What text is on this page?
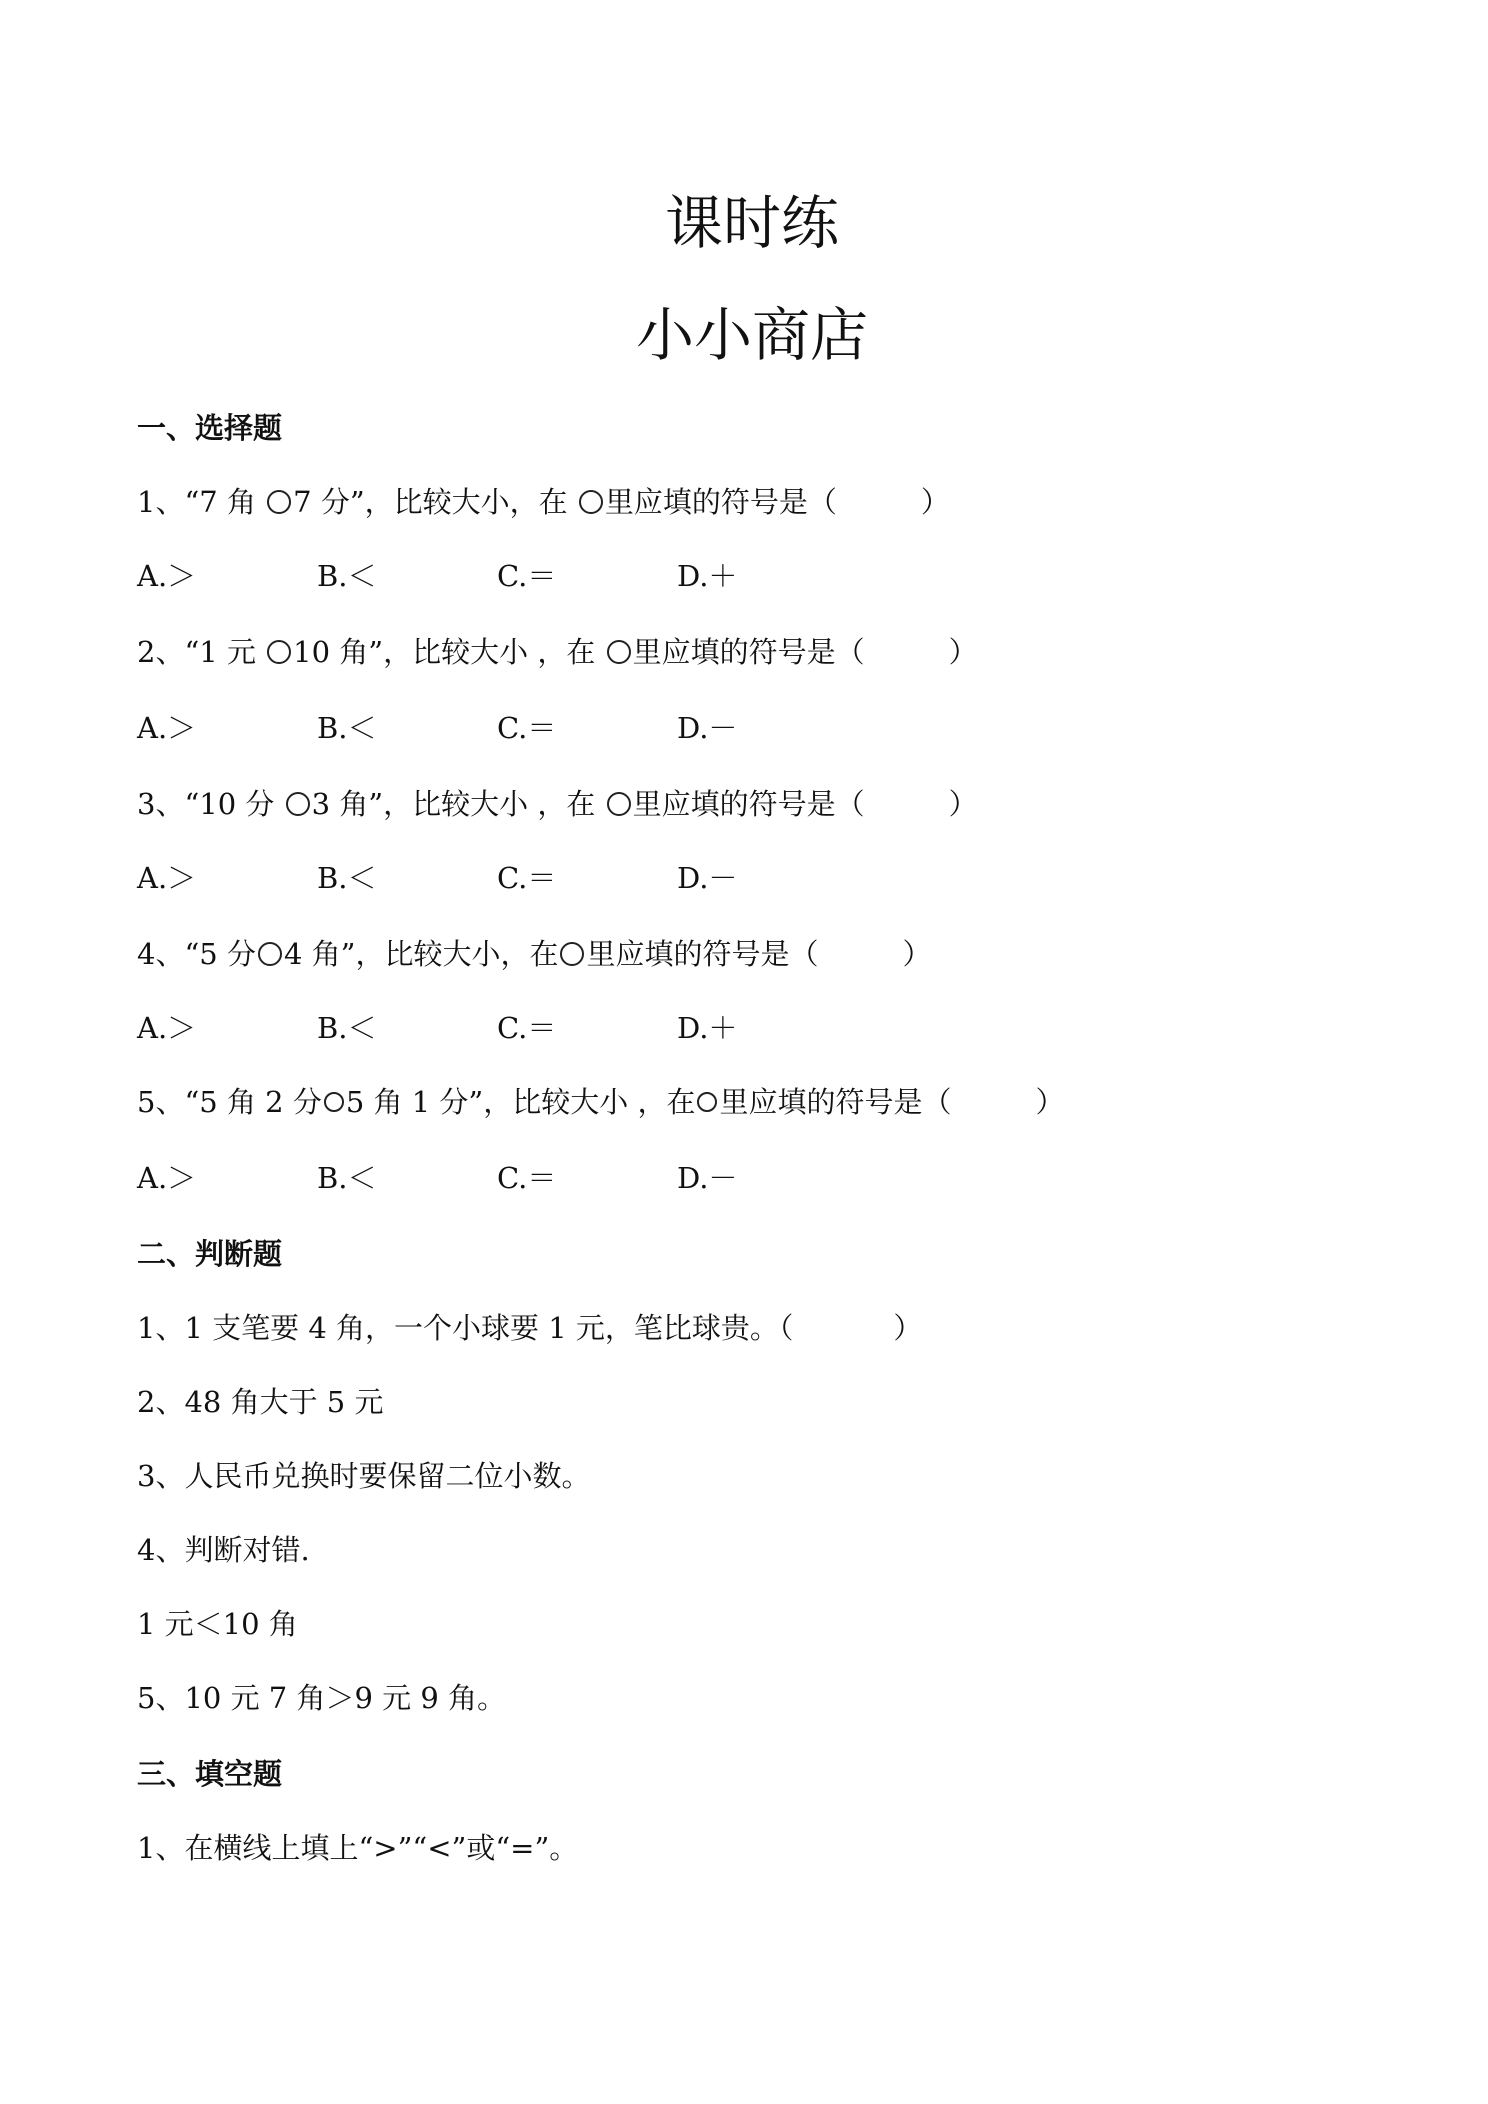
课时练
小小商店
一、选择题
1、“7 角 7 分”，比较大小，在 里应填的符号是（	）
A.＞	B.＜	C.＝	D.＋
2、“1 元 10 角”，比较大小 ，在 里应填的符号是（	）
A.＞	B.＜	C.＝	D.－
3、“10 分 3 角”，比较大小 ，在 里应填的符号是（	）
A.＞	B.＜	C.＝	D.－
4、“5 分 4 角”，比较大小，在 里应填的符号是（	）
A.＞	B.＜	C.＝	D.＋
5、“5 角 2 分 5 角 1 分”，比较大小 ，在 里应填的符号是（	）
A.＞	B.＜	C.＝	D.－
二、判断题
1、1 支笔要 4 角，一个小球要 1 元，笔比球贵。（	）
2、48 角大于 5 元
3、人民币兑换时要保留二位小数。
4、判断对错.
1 元＜10 角
5、10 元 7 角＞9 元 9 角。
三、填空题
1、在横线上填上“>”“<”或“=”。
